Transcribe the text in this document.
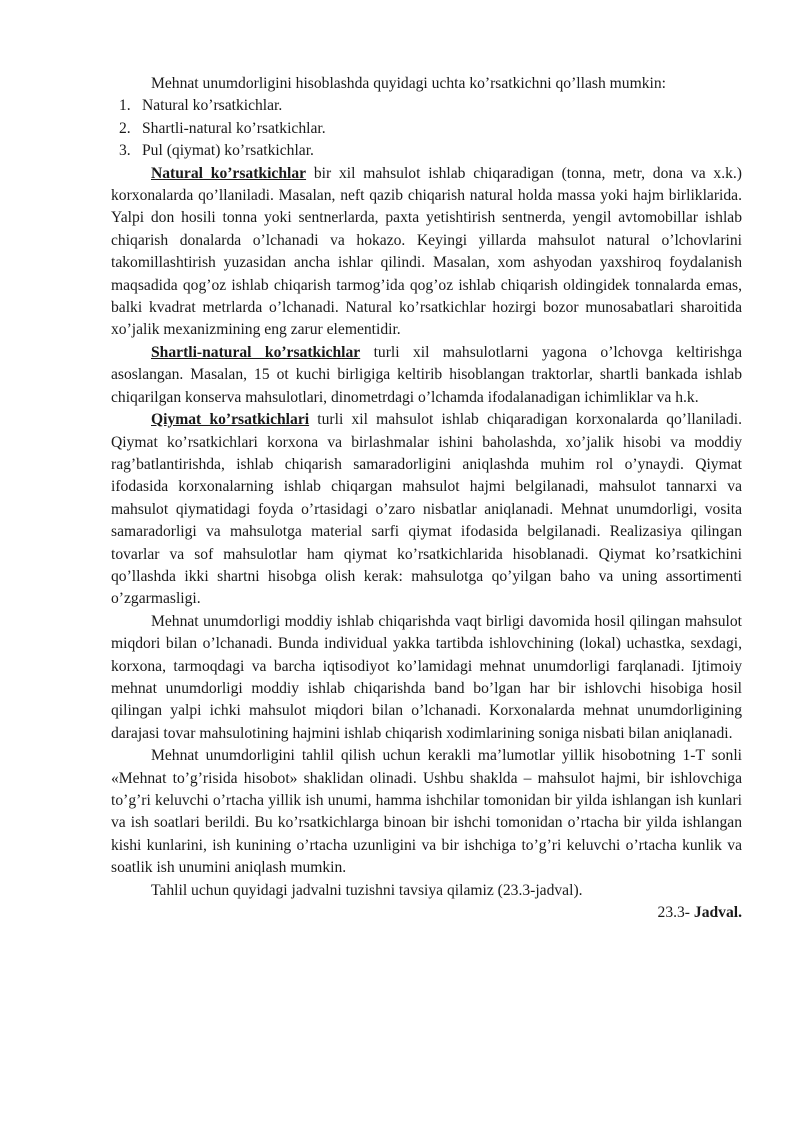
Mehnat unumdorligini hisoblashda quyidagi uchta ko’rsatkichni qo’llash mumkin:

1. Natural ko’rsatkichlar.
2. Shartli-natural ko’rsatkichlar.
3. Pul (qiymat) ko’rsatkichlar.

Natural ko’rsatkichlar bir xil mahsulot ishlab chiqaradigan (tonna, metr, dona va x.k.) korxonalarda qo’llaniladi. Masalan, neft qazib chiqarish natural holda massa yoki hajm birliklarida. Yalpi don hosili tonna yoki sentnerlarda, paxta yetishtirish sentnerda, yengil avtomobillar ishlab chiqarish donalarda o’lchanadi va hokazo. Keyingi yillarda mahsulot natural o’lchovlarini takomillashtirish yuzasidan ancha ishlar qilindi. Masalan, xom ashyodan yaxshiroq foydalanish maqsadida qog’oz ishlab chiqarish tarmog’ida qog’oz ishlab chiqarish oldingidek tonnalarda emas, balki kvadrat metrlarda o’lchanadi. Natural ko’rsatkichlar hozirgi bozor munosabatlari sharoitida xo’jalik mexanizmining eng zarur elementidir.

Shartli-natural ko’rsatkichlar turli xil mahsulotlarni yagona o’lchovga keltirishga asoslangan. Masalan, 15 ot kuchi birligiga keltirib hisoblangan traktorlar, shartli bankada ishlab chiqarilgan konserva mahsulotlari, dinometrdagi o’lchamda ifodalanadigan ichimliklar va h.k.

Qiymat ko’rsatkichlari turli xil mahsulot ishlab chiqaradigan korxonalarda qo’llaniladi. Qiymat ko’rsatkichlari korxona va birlashmalar ishini baholashda, xo’jalik hisobi va moddiy rag’batlantirishda, ishlab chiqarish samaradorligini aniqlashda muhim rol o’ynaydi. Qiymat ifodasida korxonalarning ishlab chiqargan mahsulot hajmi belgilanadi, mahsulot tannarxi va mahsulot qiymatidagi foyda o’rtasidagi o’zaro nisbatlar aniqlanadi. Mehnat unumdorligi, vosita samaradorligi va mahsulotga material sarfi qiymat ifodasida belgilanadi. Realizasiya qilingan tovarlar va sof mahsulotlar ham qiymat ko’rsatkichlarida hisoblanadi. Qiymat ko’rsatkichini qo’llashda ikki shartni hisobga olish kerak: mahsulotga qo’yilgan baho va uning assortimenti o’zgarmasligi.

Mehnat unumdorligi moddiy ishlab chiqarishda vaqt birligi davomida hosil qilingan mahsulot miqdori bilan o’lchanadi. Bunda individual yakka tartibda ishlovchining (lokal) uchastka, sexdagi, korxona, tarmoqdagi va barcha iqtisodiyot ko’lamidagi mehnat unumdorligi farqlanadi. Ijtimoiy mehnat unumdorligi moddiy ishlab chiqarishda band bo’lgan har bir ishlovchi hisobiga hosil qilingan yalpi ichki mahsulot miqdori bilan o’lchanadi. Korxonalarda mehnat unumdorligining darajasi tovar mahsulotining hajmini ishlab chiqarish xodimlarining soniga nisbati bilan aniqlanadi.

Mehnat unumdorligini tahlil qilish uchun kerakli ma’lumotlar yillik hisobotning 1-T sonli «Mehnat to’g’risida hisobot» shaklidan olinadi. Ushbu shaklda – mahsulot hajmi, bir ishlovchiga to’g’ri keluvchi o’rtacha yillik ish unumi, hamma ishchilar tomonidan bir yilda ishlangan ish kunlari va ish soatlari berildi. Bu ko’rsatkichlarga binoan bir ishchi tomonidan o’rtacha bir yilda ishlangan kishi kunlarini, ish kunining o’rtacha uzunligini va bir ishchiga to’g’ri keluvchi o’rtacha kunlik va soatlik ish unumini aniqlash mumkin.

Tahlil uchun quyidagi jadvalni tuzishni tavsiya qilamiz (23.3-jadval).

23.3- Jadval.
